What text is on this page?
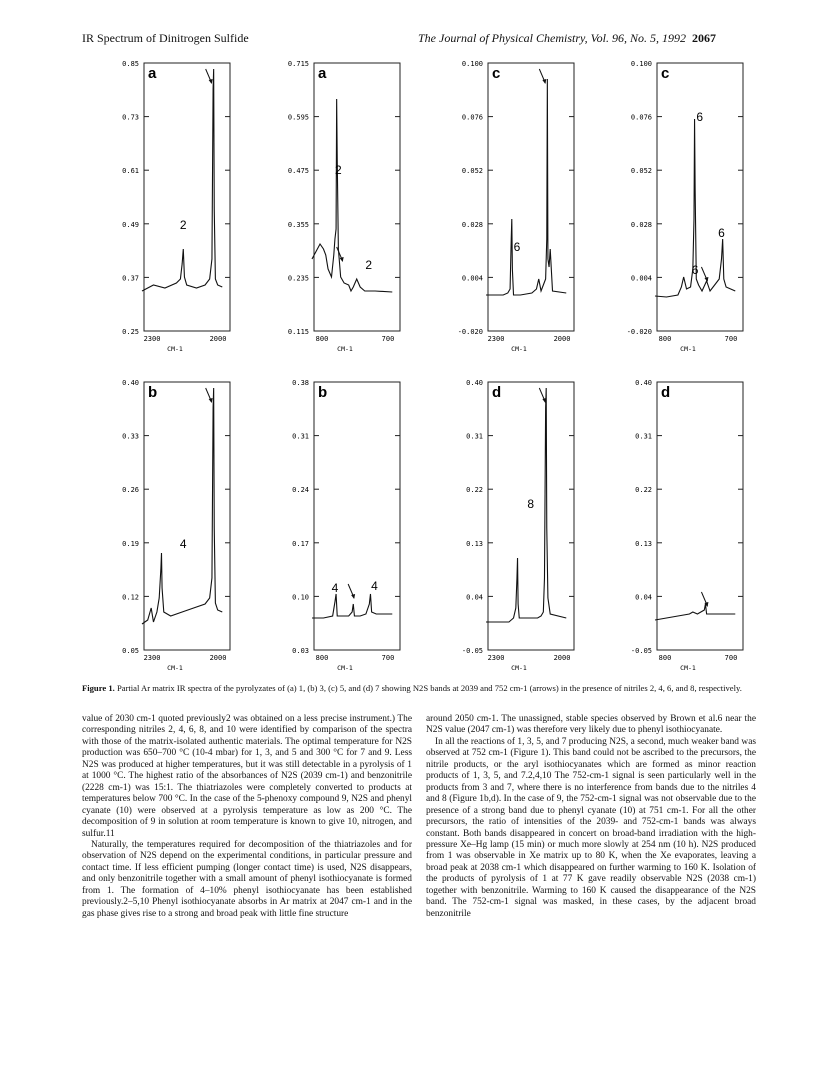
IR Spectrum of Dinitrogen Sulfide	The Journal of Physical Chemistry, Vol. 96, No. 5, 1992 2067
0.85
0.73
0.61
0.49
0.37
0.25
2300	2000
CM-1
a
2
0.715
0.595
0.475
0.355
0.235
0.115
800	700
CM-1
a
2
2
0.100
0.076
0.052
0.028
0.004
-0.020
2300	2000
CM-1
c
6
0.100
0.076
0.052
0.028
0.004
-0.020
800	700
CM-1
c
6
6
6
0.40
0.33
0.26
0.19
0.12
0.05
2300	2000
CM-1
b
4
0.38
0.31
0.24
0.17
0.10
0.03
800	700
CM-1
b
4	4
0.40
0.31
0.22
0.13
0.04
-0.05
2300	2000
CM-1
d
8
0.40
0.31
0.22
0.13
0.04
-0.05
800	700
CM-1
d
Figure 1. Partial Ar matrix IR spectra of the pyrolyzates of (a) 1, (b) 3, (c) 5, and (d) 7 showing N2S bands at 2039 and 752 cm-1 (arrows) in the presence of nitriles 2, 4, 6, and 8, respectively.

value of 2030 cm-1 quoted previously2 was obtained on a less precise instrument.) The corresponding nitriles 2, 4, 6, 8, and 10 were identified by comparison of the spectra with those of the matrix-isolated authentic materials. The optimal temperature for N2S production was 650–700 °C (10-4 mbar) for 1, 3, and 5 and 300 °C for 7 and 9. Less N2S was produced at higher temperatures, but it was still detectable in a pyrolysis of 1 at 1000 °C. The highest ratio of the absorbances of N2S (2039 cm-1) and benzonitrile (2228 cm-1) was 15:1. The thiatriazoles were completely converted to products at temperatures below 700 °C. In the case of the 5-phenoxy compound 9, N2S and phenyl cyanate (10) were observed at a pyrolysis temperature as low as 200 °C. The decomposition of 9 in solution at room temperature is known to give 10, nitrogen, and sulfur.11

Naturally, the temperatures required for decomposition of the thiatriazoles and for observation of N2S depend on the experimental conditions, in particular pressure and contact time. If less efficient pumping (longer contact time) is used, N2S disappears, and only benzonitrile together with a small amount of phenyl isothiocyanate is formed from 1. The formation of 4–10% phenyl isothiocyanate has been established previously.2–5,10 Phenyl isothiocyanate absorbs in Ar matrix at 2047 cm-1 and in the gas phase gives rise to a strong and broad peak with little fine structure

around 2050 cm-1. The unassigned, stable species observed by Brown et al.6 near the N2S value (2047 cm-1) was therefore very likely due to phenyl isothiocyanate.

In all the reactions of 1, 3, 5, and 7 producing N2S, a second, much weaker band was observed at 752 cm-1 (Figure 1). This band could not be ascribed to the precursors, the nitrile products, or the aryl isothiocyanates which are formed as minor reaction products of 1, 3, 5, and 7.2,4,10 The 752-cm-1 signal is seen particularly well in the products from 3 and 7, where there is no interference from bands due to the nitriles 4 and 8 (Figure 1b,d). In the case of 9, the 752-cm-1 signal was not observable due to the presence of a strong band due to phenyl cyanate (10) at 751 cm-1. For all the other precursors, the ratio of intensities of the 2039- and 752-cm-1 bands was always constant. Both bands disappeared in concert on broad-band irradiation with the high-pressure Xe–Hg lamp (15 min) or much more slowly at 254 nm (10 h). N2S produced from 1 was observable in Xe matrix up to 80 K, when the Xe evaporates, leaving a broad peak at 2038 cm-1 which disappeared on further warming to 160 K. Isolation of the products of pyrolysis of 1 at 77 K gave readily observable N2S (2038 cm-1) together with benzonitrile. Warming to 160 K caused the disappearance of the N2S band. The 752-cm-1 signal was masked, in these cases, by the adjacent broad benzonitrile
